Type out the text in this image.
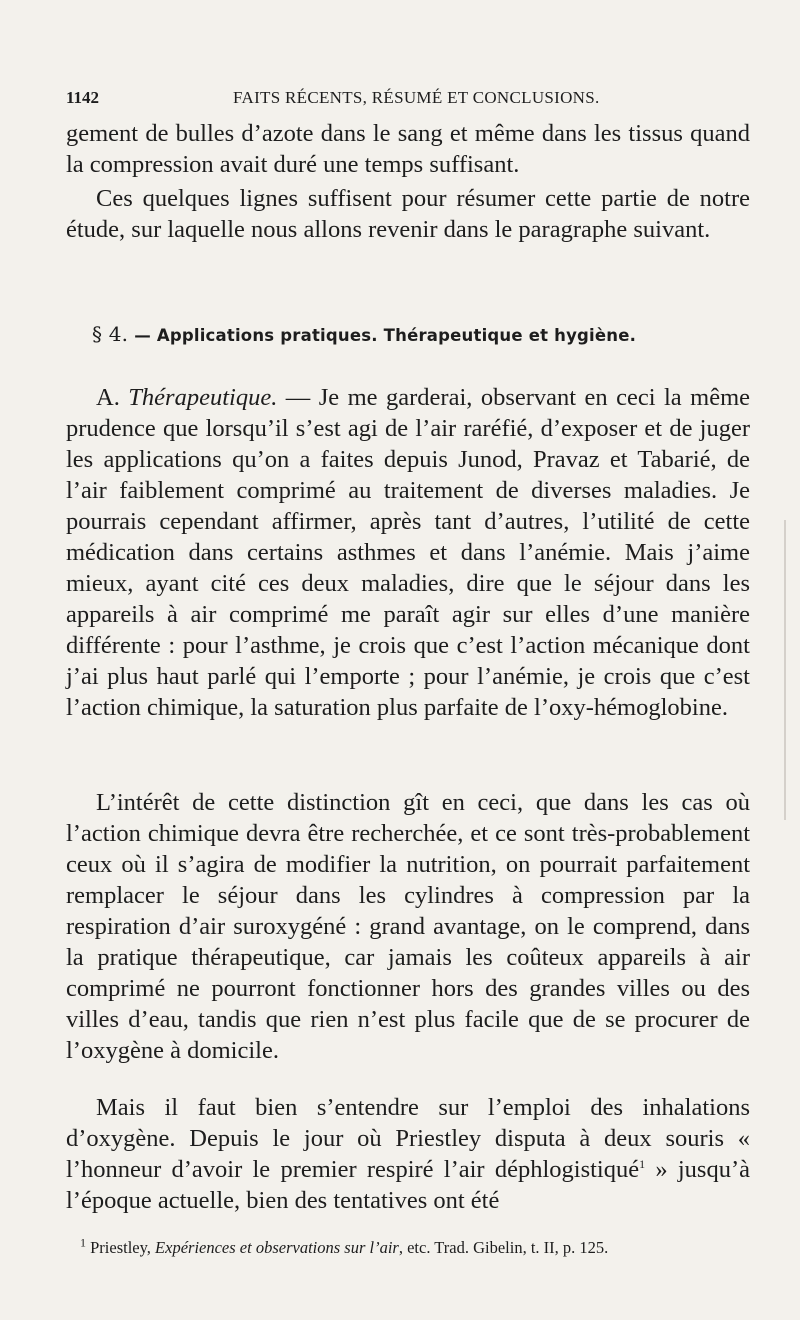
1142	FAITS RÉCENTS, RÉSUMÉ ET CONCLUSIONS.

gement de bulles d’azote dans le sang et même dans les tissus quand la compression avait duré une temps suffisant.

Ces quelques lignes suffisent pour résumer cette partie de notre étude, sur laquelle nous allons revenir dans le paragraphe suivant.

§ 4. — Applications pratiques. Thérapeutique et hygiène.

A. Thérapeutique. — Je me garderai, observant en ceci la même prudence que lorsqu’il s’est agi de l’air raréfié, d’exposer et de juger les applications qu’on a faites depuis Junod, Pravaz et Tabarié, de l’air faiblement comprimé au traitement de diverses maladies. Je pourrais cependant affirmer, après tant d’autres, l’utilité de cette médication dans certains asthmes et dans l’anémie. Mais j’aime mieux, ayant cité ces deux maladies, dire que le séjour dans les appareils à air comprimé me paraît agir sur elles d’une manière différente : pour l’asthme, je crois que c’est l’action mécanique dont j’ai plus haut parlé qui l’emporte ; pour l’anémie, je crois que c’est l’action chimique, la saturation plus parfaite de l’oxy-hémoglobine.

L’intérêt de cette distinction gît en ceci, que dans les cas où l’action chimique devra être recherchée, et ce sont très-probablement ceux où il s’agira de modifier la nutrition, on pourrait parfaitement remplacer le séjour dans les cylindres à compression par la respiration d’air suroxygéné : grand avantage, on le comprend, dans la pratique thérapeutique, car jamais les coûteux appareils à air comprimé ne pourront fonctionner hors des grandes villes ou des villes d’eau, tandis que rien n’est plus facile que de se procurer de l’oxygène à domicile.

Mais il faut bien s’entendre sur l’emploi des inhalations d’oxygène. Depuis le jour où Priestley disputa à deux souris « l’honneur d’avoir le premier respiré l’air déphlogistiqué$^1$ » jusqu’à l’époque actuelle, bien des tentatives ont été

$^1$ Priestley, Expériences et observations sur l’air, etc. Trad. Gibelin, t. II, p. 125.
